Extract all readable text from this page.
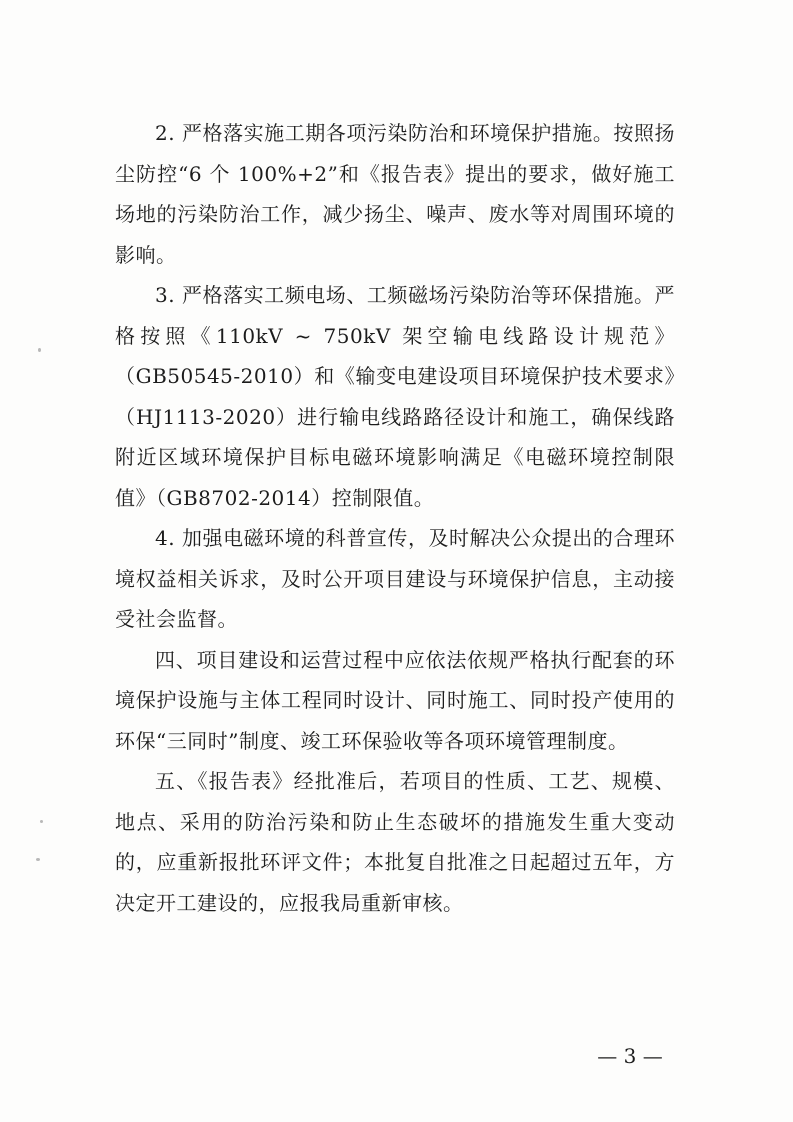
2. 严格落实施工期各项污染防治和环境保护措施。按照扬尘防控“6 个 100%+2”和《报告表》提出的要求，做好施工场地的污染防治工作，减少扬尘、噪声、废水等对周围环境的影响。

3. 严格落实工频电场、工频磁场污染防治等环保措施。严格按照《110kV ~ 750kV 架空输电线路设计规范》（GB50545-2010）和《输变电建设项目环境保护技术要求》（HJ1113-2020）进行输电线路路径设计和施工，确保线路附近区域环境保护目标电磁环境影响满足《电磁环境控制限值》（GB8702-2014）控制限值。

4. 加强电磁环境的科普宣传，及时解决公众提出的合理环境权益相关诉求，及时公开项目建设与环境保护信息，主动接受社会监督。

四、项目建设和运营过程中应依法依规严格执行配套的环境保护设施与主体工程同时设计、同时施工、同时投产使用的环保“三同时”制度、竣工环保验收等各项环境管理制度。

五、《报告表》经批准后，若项目的性质、工艺、规模、地点、采用的防治污染和防止生态破坏的措施发生重大变动的，应重新报批环评文件；本批复自批准之日起超过五年，方决定开工建设的，应报我局重新审核。

— 3 —
